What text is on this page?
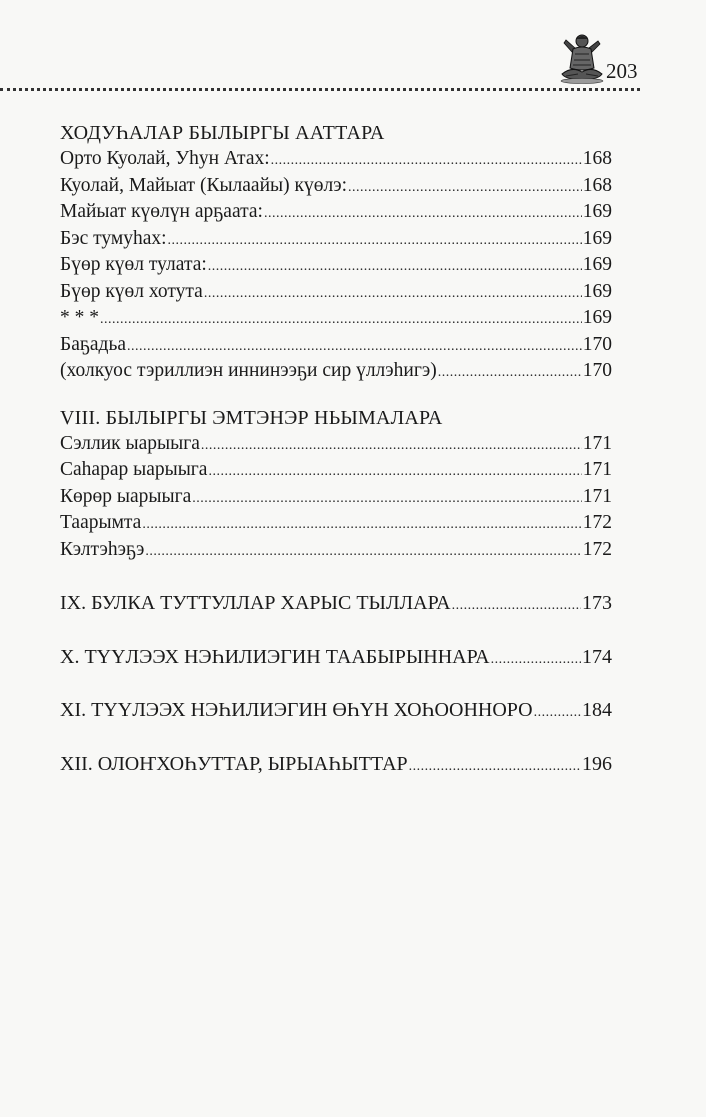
203
ХОДУҺАЛАР БЫЛЫРГЫ ААТТАРА
Орто Куолай, Уһун Атах: .....	168
Куолай, Майыат (Кылаайы) күөлэ: .....	168
Майыат күөлүн арҕаата: .....	169
Бэс тумуһах: .....	169
Бүөр күөл тулата: .....	169
Бүөр күөл хотута .....	169
* * * .....	169
Баҕадьа .....	170
(холкуос тэриллиэн иннинээҕи сир үллэһигэ) .....	170
VIII. БЫЛЫРГЫ ЭМТЭНЭР НЬЫМАЛАРА
Сэллик ыарыыга .....	171
Саһарар ыарыыга .....	171
Көрөр ыарыыга .....	171
Таарымта .....	172
Кэлтэһэҕэ .....	172
IX. БУЛКА ТУТТУЛЛАР ХАРЫС ТЫЛЛАРА .....	173
X. ТҮҮЛЭЭХ НЭҺИЛИЭГИН ТААБЫРЫННАРА .....	174
XI. ТҮҮЛЭЭХ НЭҺИЛИЭГИН ӨҺҮН ХОҺООННОРО ..... 184
XII. ОЛОҤХОҺУТТАР, ЫРЫАҺЫТТАР .....	196
